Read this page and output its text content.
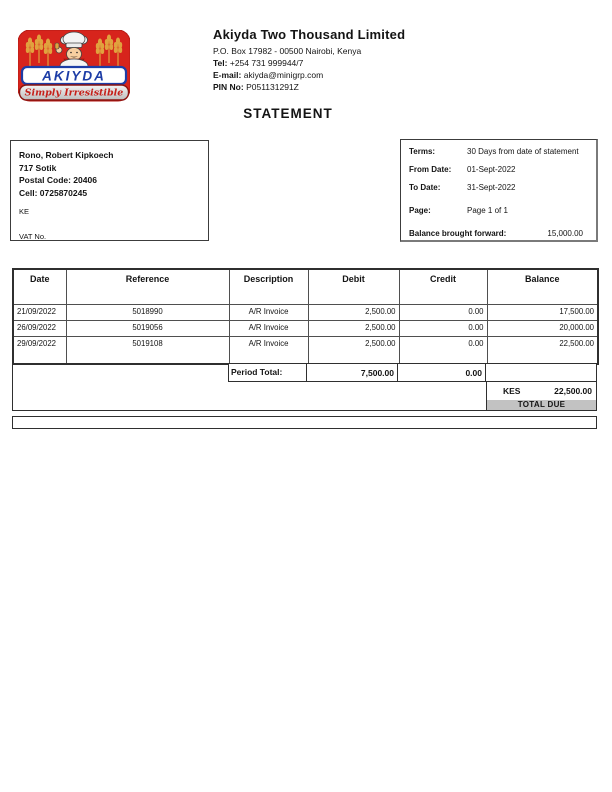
AKIYDA
Simply Irresistible
Akiyda Two Thousand Limited
P.O. Box 17982 - 00500 Nairobi, Kenya
Tel: +254 731 999944/7
E-mail: akiyda@minigrp.com
PIN No: P051131291Z
STATEMENT
Rono, Robert Kipkoech
717 Sotik
Postal Code: 20406
Cell: 0725870245
KE
VAT No.
Terms:	30 Days from date of statement
From Date: 01-Sept-2022
To Date:	31-Sept-2022
Page:	Page 1 of 1
Balance brought forward:	15,000.00
Date	Reference	Description	Debit	Credit	Balance
21/09/2022	5018990	A/R Invoice	2,500.00	0.00	17,500.00
26/09/2022	5019056	A/R Invoice	2,500.00	0.00	20,000.00
29/09/2022	5019108	A/R Invoice	2,500.00	0.00	22,500.00
Period Total:	7,500.00	0.00
KES	22,500.00
TOTAL DUE
